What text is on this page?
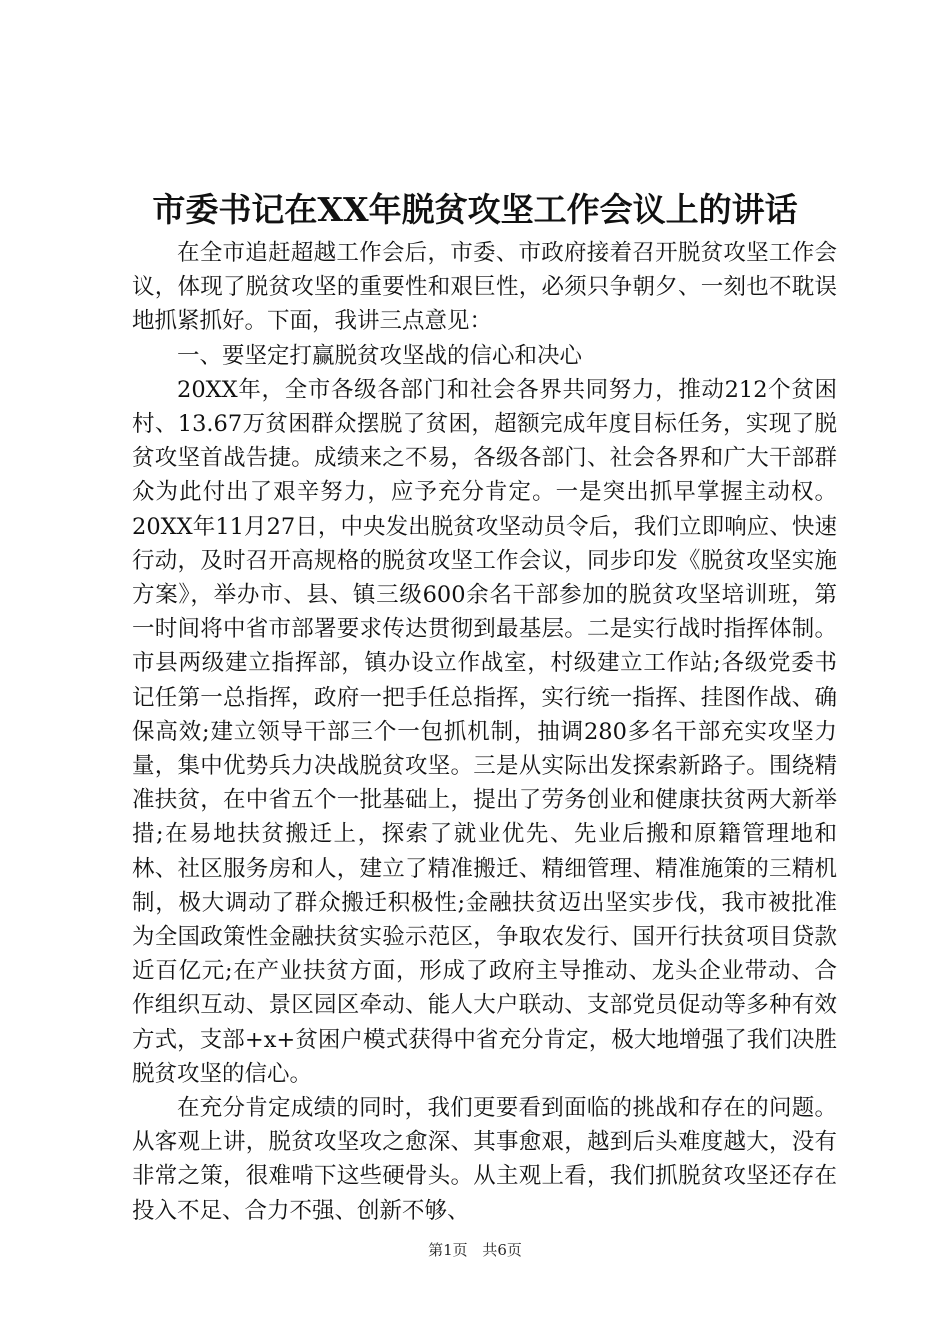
市委书记在XX年脱贫攻坚工作会议上的讲话

在全市追赶超越工作会后，市委、市政府接着召开脱贫攻坚工作会议，体现了脱贫攻坚的重要性和艰巨性，必须只争朝夕、一刻也不耽误地抓紧抓好。下面，我讲三点意见：

一、要坚定打赢脱贫攻坚战的信心和决心

20XX年，全市各级各部门和社会各界共同努力，推动212个贫困村、13.67万贫困群众摆脱了贫困，超额完成年度目标任务，实现了脱贫攻坚首战告捷。成绩来之不易，各级各部门、社会各界和广大干部群众为此付出了艰辛努力，应予充分肯定。一是突出抓早掌握主动权。20XX年11月27日，中央发出脱贫攻坚动员令后，我们立即响应、快速行动，及时召开高规格的脱贫攻坚工作会议，同步印发《脱贫攻坚实施方案》，举办市、县、镇三级600余名干部参加的脱贫攻坚培训班，第一时间将中省市部署要求传达贯彻到最基层。二是实行战时指挥体制。市县两级建立指挥部，镇办设立作战室，村级建立工作站;各级党委书记任第一总指挥，政府一把手任总指挥，实行统一指挥、挂图作战、确保高效;建立领导干部三个一包抓机制，抽调280多名干部充实攻坚力量，集中优势兵力决战脱贫攻坚。三是从实际出发探索新路子。围绕精准扶贫，在中省五个一批基础上，提出了劳务创业和健康扶贫两大新举措;在易地扶贫搬迁上，探索了就业优先、先业后搬和原籍管理地和林、社区服务房和人，建立了精准搬迁、精细管理、精准施策的三精机制，极大调动了群众搬迁积极性;金融扶贫迈出坚实步伐，我市被批准为全国政策性金融扶贫实验示范区，争取农发行、国开行扶贫项目贷款近百亿元;在产业扶贫方面，形成了政府主导推动、龙头企业带动、合作组织互动、景区园区牵动、能人大户联动、支部党员促动等多种有效方式，支部+x+贫困户模式获得中省充分肯定，极大地增强了我们决胜脱贫攻坚的信心。

在充分肯定成绩的同时，我们更要看到面临的挑战和存在的问题。从客观上讲，脱贫攻坚攻之愈深、其事愈艰，越到后头难度越大，没有非常之策，很难啃下这些硬骨头。从主观上看，我们抓脱贫攻坚还存在投入不足、合力不强、创新不够、

第1页 共6页
